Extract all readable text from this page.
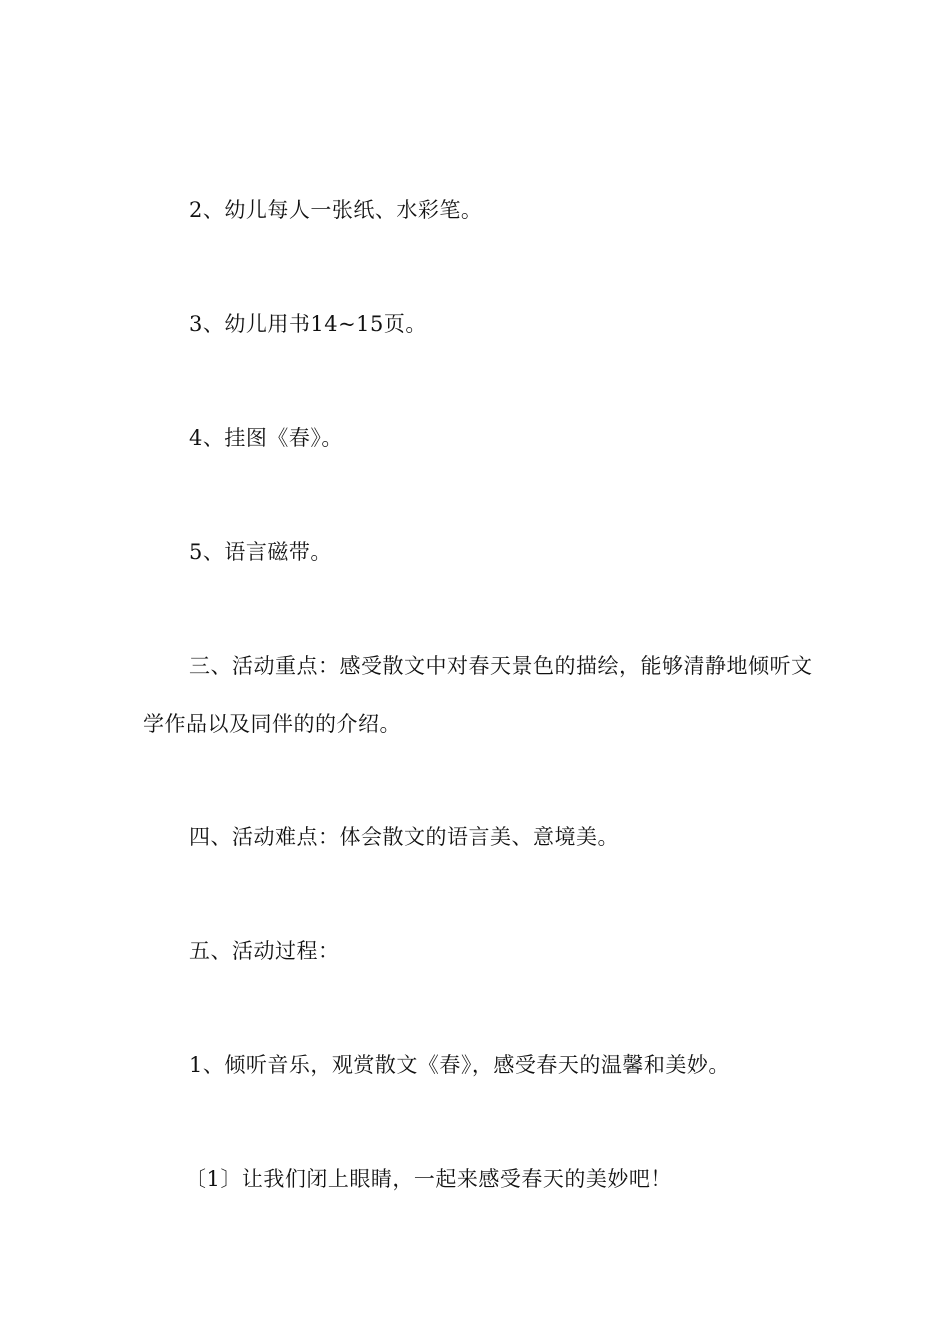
2、幼儿每人一张纸、水彩笔。

3、幼儿用书14~15页。

4、挂图《春》。

5、语言磁带。

三、活动重点：感受散文中对春天景色的描绘，能够清静地倾听文学作品以及同伴的的介绍。

四、活动难点：体会散文的语言美、意境美。

五、活动过程：

1、倾听音乐，观赏散文《春》，感受春天的温馨和美妙。

〔1〕让我们闭上眼睛，一起来感受春天的美妙吧！
